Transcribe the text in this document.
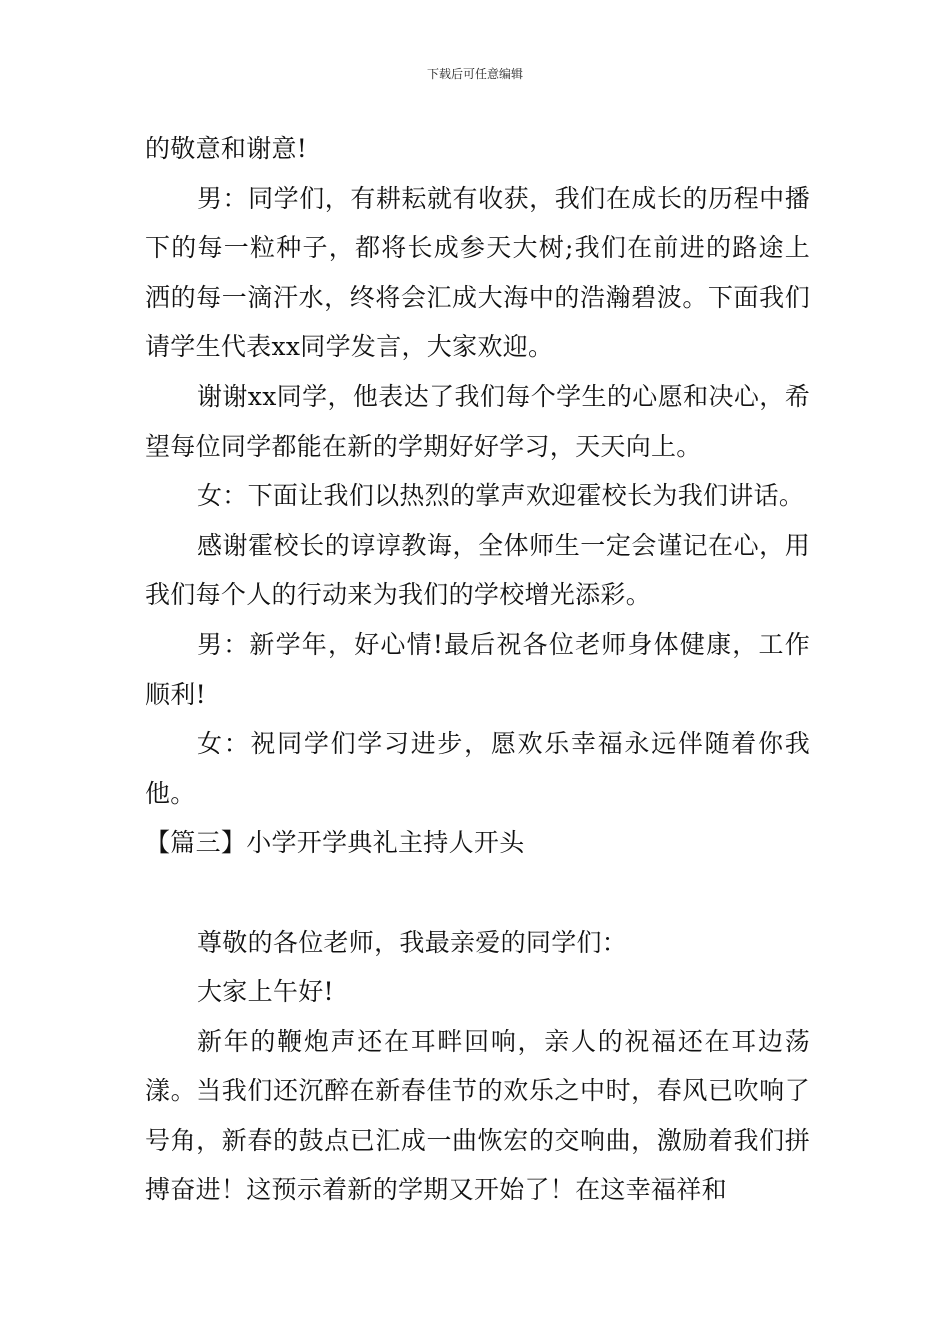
下载后可任意编辑

的敬意和谢意!

男：同学们，有耕耘就有收获，我们在成长的历程中播下的每一粒种子，都将长成参天大树;我们在前进的路途上洒的每一滴汗水，终将会汇成大海中的浩瀚碧波。下面我们请学生代表xx同学发言，大家欢迎。

谢谢xx同学，他表达了我们每个学生的心愿和决心，希望每位同学都能在新的学期好好学习，天天向上。

女：下面让我们以热烈的掌声欢迎霍校长为我们讲话。

感谢霍校长的谆谆教诲，全体师生一定会谨记在心，用我们每个人的行动来为我们的学校增光添彩。

男：新学年，好心情!最后祝各位老师身体健康，工作顺利!

女：祝同学们学习进步，愿欢乐幸福永远伴随着你我他。

【篇三】小学开学典礼主持人开头

尊敬的各位老师，我最亲爱的同学们：

大家上午好!

新年的鞭炮声还在耳畔回响，亲人的祝福还在耳边荡漾。当我们还沉醉在新春佳节的欢乐之中时，春风已吹响了号角，新春的鼓点已汇成一曲恢宏的交响曲，激励着我们拼搏奋进！这预示着新的学期又开始了！在这幸福祥和
